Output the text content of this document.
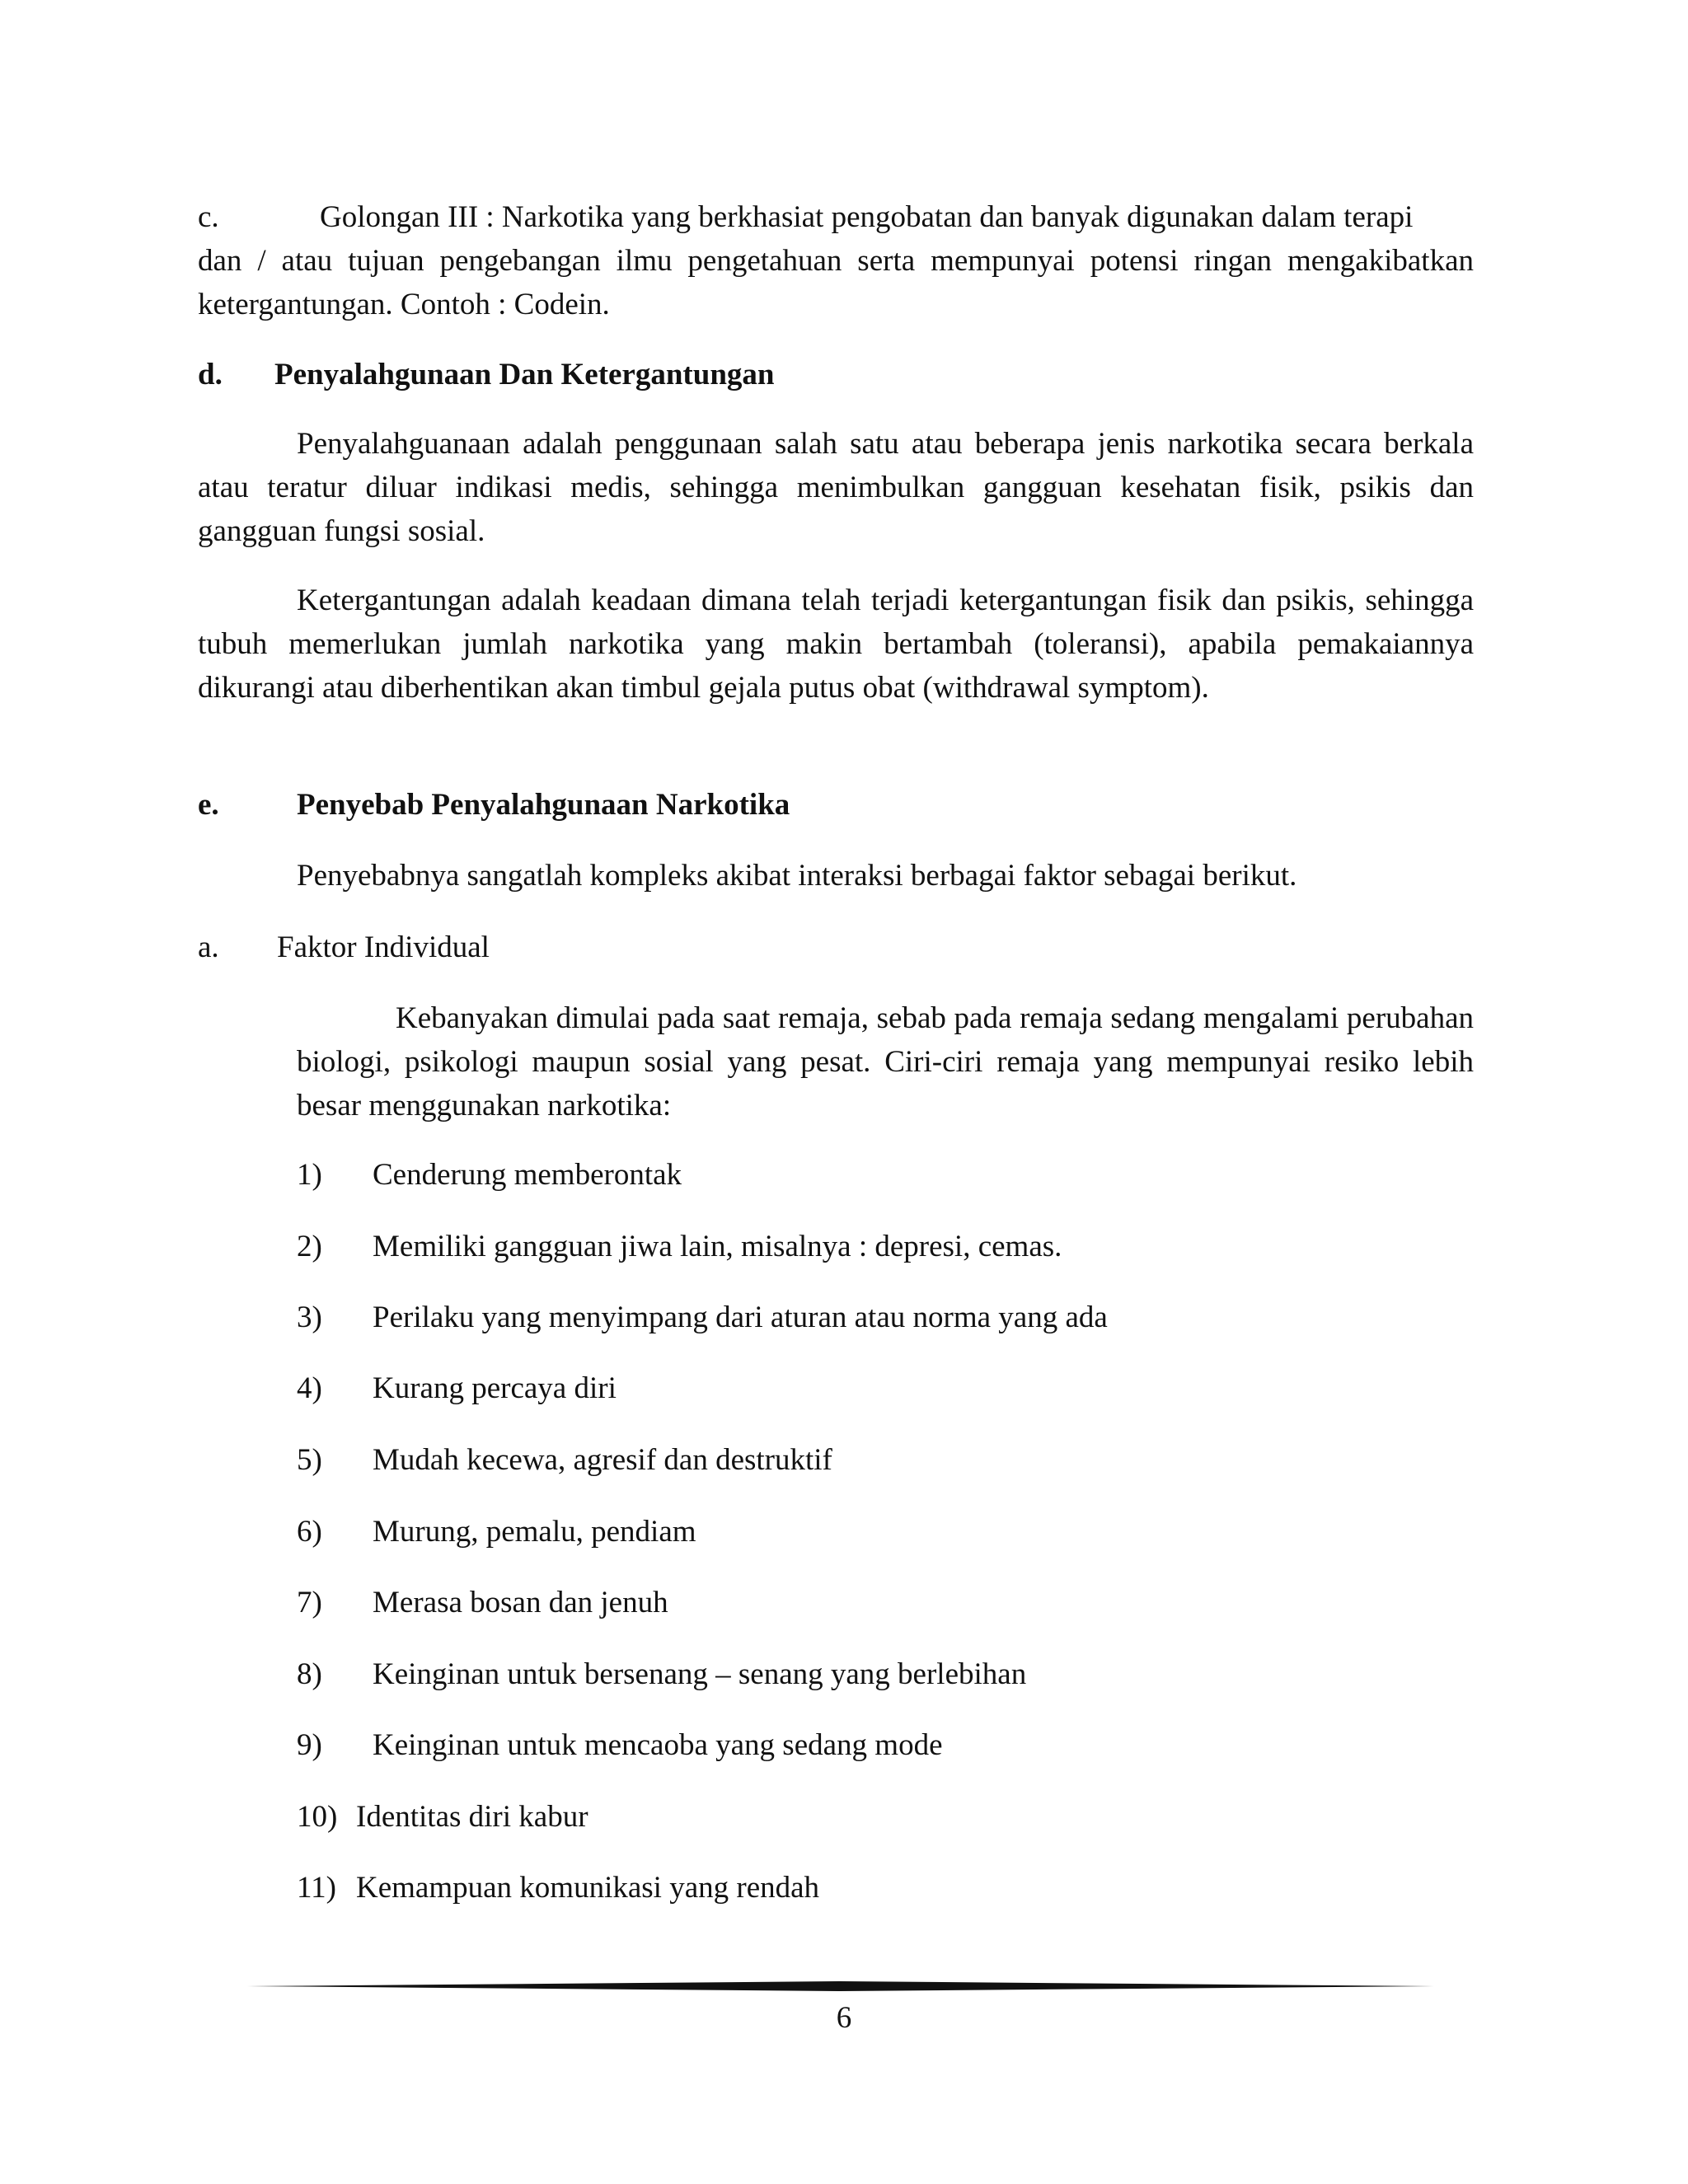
c.	Golongan III : Narkotika yang berkhasiat pengobatan dan banyak digunakan dalam terapi

dan / atau tujuan pengebangan ilmu pengetahuan serta mempunyai potensi ringan mengakibatkan ketergantungan. Contoh : Codein.

d. Penyalahgunaan Dan Ketergantungan

Penyalahguanaan adalah penggunaan salah satu atau beberapa jenis narkotika secara berkala atau teratur diluar indikasi medis, sehingga menimbulkan gangguan kesehatan fisik, psikis dan gangguan fungsi sosial.

Ketergantungan adalah keadaan dimana telah terjadi ketergantungan fisik dan psikis, sehingga tubuh memerlukan jumlah narkotika yang makin bertambah (toleransi), apabila pemakaiannya dikurangi atau diberhentikan akan timbul gejala putus obat (withdrawal symptom).

e.	Penyebab Penyalahgunaan Narkotika

Penyebabnya sangatlah kompleks akibat interaksi berbagai faktor sebagai berikut.

a. Faktor Individual

Kebanyakan dimulai pada saat remaja, sebab pada remaja sedang mengalami perubahan biologi, psikologi maupun sosial yang pesat. Ciri-ciri remaja yang mempunyai resiko lebih besar menggunakan narkotika:

1) Cenderung memberontak
2) Memiliki gangguan jiwa lain, misalnya : depresi, cemas.
3) Perilaku yang menyimpang dari aturan atau norma yang ada
4) Kurang percaya diri
5) Mudah kecewa, agresif dan destruktif
6) Murung, pemalu, pendiam
7) Merasa bosan dan jenuh
8) Keinginan untuk bersenang – senang yang berlebihan
9) Keinginan untuk mencaoba yang sedang mode
10) Identitas diri kabur
11) Kemampuan komunikasi yang rendah
6
